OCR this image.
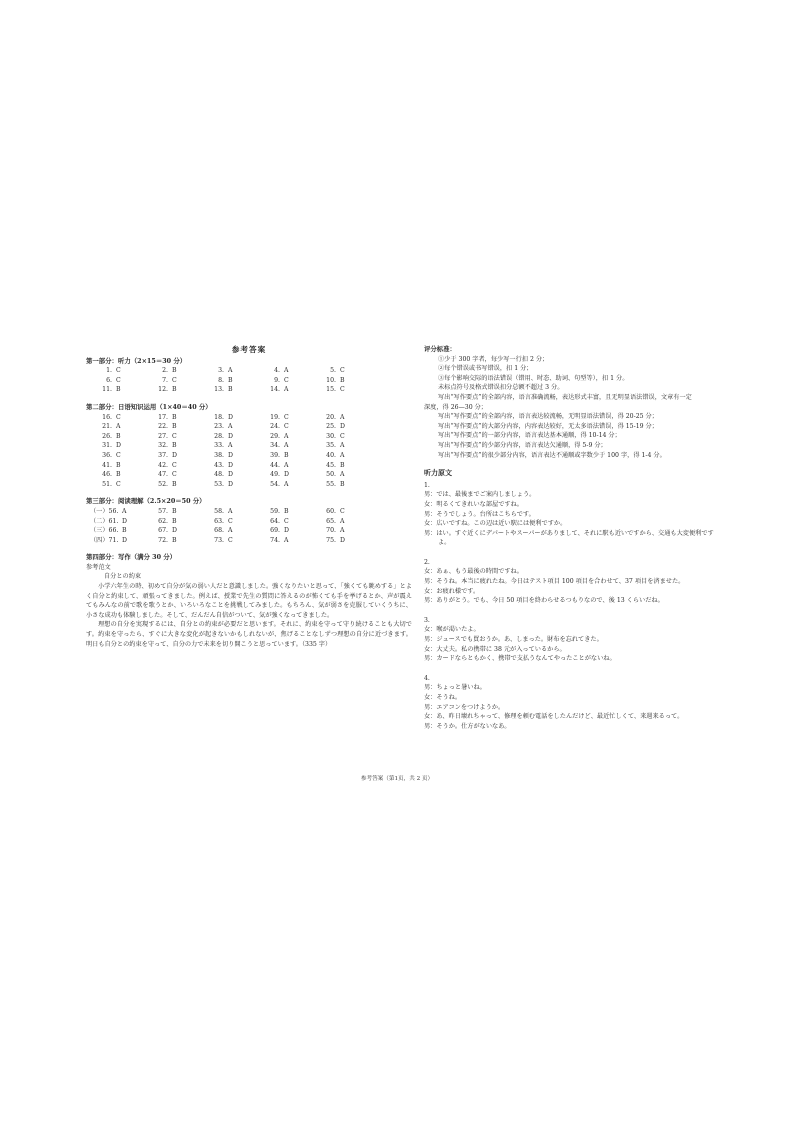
参考答案

第一部分：听力（2×15＝30 分）

1. C	2. B	3. A	4. A	5. C
6. C	7. C	8. B	9. C	10. B
11. B	12. B	13. B	14. A	15. C

第二部分：日语知识运用（1×40＝40 分）

16. C	17. B	18. D	19. C	20. A
21. A	22. B	23. A	24. C	25. D
26. B	27. C	28. D	29. A	30. C
31. D	32. B	33. A	34. A	35. A
36. C	37. D	38. D	39. B	40. A
41. B	42. C	43. D	44. A	45. B
46. B	47. C	48. D	49. D	50. A
51. C	52. B	53. D	54. A	55. B

第三部分：阅读理解（2.5×20＝50 分）

（一）56. A	57. B	58. A	59. B	60. C
（二）61. D	62. B	63. C	64. C	65. A
（三）66. B	67. D	68. A	69. D	70. A
（四）71. D	72. B	73. C	74. A	75. D

第四部分：写作（满分 30 分）

参考范文

自分との約束

小学六年生の時、初めて自分が気の弱い人だと意識しました。強くなりたいと思って、「強くても眺めする」とよく自分と約束して、頑張ってきました。例えば、授業で先生の質問に答えるのが怖くても手を挙げるとか、声が震えてもみんなの前で歌を歌うとか、いろいろなことを挑戦してみました。もちろん、気が弱さを克服していくうちに、小さな成功も体験しました。そして、だんだん自信がついて、気が強くなってきました。

理想の自分を実現するには、自分との約束が必要だと思います。それに、約束を守って守り続けることも大切です。約束を守ったら、すぐに大きな変化が起きないかもしれないが、焦げることなしずつ理想の自分に近づきます。明日も自分との約束を守って、自分の力で未来を切り開こうと思っています。（335 字）

评分标准：

①少于 300 字者，每少写一行扣 2 分；

②每个错误或书写错误，扣 1 分；

③每个影响交际的语法错误（错用、时态、助词、句型等），扣 1 分。

未标点符号及格式错误扣分总额不超过 3 分。

写出“写作要点”的全部内容，语言准确流畅，表达形式丰富，且无明显语法错误，文章有一定

深度，得 26—30 分；

写出“写作要点”的全部内容，语言表达较流畅，无明显语法错误，得 20-25 分；

写出“写作要点”的大部分内容，内容表达较好，无太多语法错误，得 15-19 分；

写出“写作要点”的一部分内容，语言表达基本通顺，得 10-14 分；

写出“写作要点”的少部分内容，语言表达欠通顺，得 5-9 分；

写出“写作要点”的很少部分内容，语言表达不通顺或字数少于 100 字，得 1-4 分。

听力原文

1.

男：では、最後までご案内しましょう。

女：明るくてきれいな部屋ですね。

男：そうでしょう。台所はこちらです。

女：広いですね。この辺は近い駅には便利ですか。

男：はい。すぐ近くにデパートやスーパーがありまして、それに駅も近いですから、交通も大変便利ですよ。

2.

女：あぁ、もう最後の時間ですね。

男：そうね。本当に疲れたね。今日はテスト項目 100 項目を合わせて、37 項目を済ませた。

女：お疲れ様です。

男：ありがとう。でも、今日 50 項目を終わらせるつもりなので、後 13 くらいだね。

3.

女：喉が渇いたよ。

男：ジュースでも買おうか。あ、しまった。財布を忘れてきた。

女：大丈夫。私の携帯に 38 元が入っているから。

男：カードならともかく、携帯で支払うなんてやったことがないね。

4.

男：ちょっと暑いね。

女：そうね。

男：エアコンをつけようか。

女：あ、昨日壊れちゃって、修理を頼む電話をしたんだけど、最近忙しくて、来週来るって。

男：そうか。仕方がないなあ。

参考答案（第1页，共 2 页）
